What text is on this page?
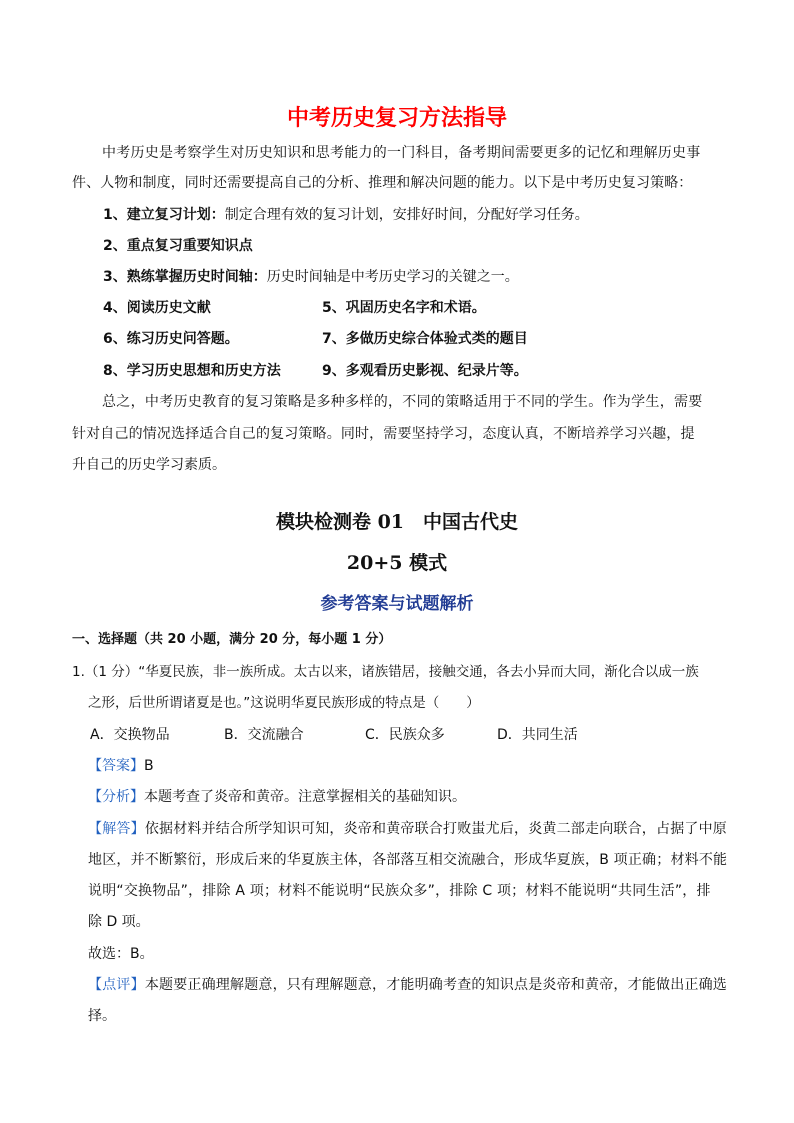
中考历史复习方法指导
中考历史是考察学生对历史知识和思考能力的一门科目，备考期间需要更多的记忆和理解历史事
件、人物和制度，同时还需要提高自己的分析、推理和解决问题的能力。以下是中考历史复习策略：
1、建立复习计划：制定合理有效的复习计划，安排好时间，分配好学习任务。
2、重点复习重要知识点
3、熟练掌握历史时间轴：历史时间轴是中考历史学习的关键之一。
4、阅读历史文献	5、巩固历史名字和术语。
6、练习历史问答题。	7、多做历史综合体验式类的题目
8、学习历史思想和历史方法	9、多观看历史影视、纪录片等。
总之，中考历史教育的复习策略是多种多样的，不同的策略适用于不同的学生。作为学生，需要
针对自己的情况选择适合自己的复习策略。同时，需要坚持学习，态度认真，不断培养学习兴趣，提
升自己的历史学习素质。
模块检测卷 01　中国古代史
20+5 模式
参考答案与试题解析
一、选择题（共 20 小题，满分 20 分，每小题 1 分）
1.（1 分）“华夏民族，非一族所成。太古以来，诸族错居，接触交通，各去小异而大同，渐化合以成一族
之形，后世所谓诸夏是也。”这说明华夏民族形成的特点是（　　）
A．交换物品	B．交流融合	C．民族众多	D．共同生活
【答案】B
【分析】本题考查了炎帝和黄帝。注意掌握相关的基础知识。
【解答】依据材料并结合所学知识可知，炎帝和黄帝联合打败蚩尤后，炎黄二部走向联合，占据了中原
地区，并不断繁衍，形成后来的华夏族主体，各部落互相交流融合，形成华夏族，B 项正确；材料不能
说明“交换物品”，排除 A 项；材料不能说明“民族众多”，排除 C 项；材料不能说明“共同生活”，排
除 D 项。
故选：B。
【点评】本题要正确理解题意，只有理解题意，才能明确考查的知识点是炎帝和黄帝，才能做出正确选
择。
